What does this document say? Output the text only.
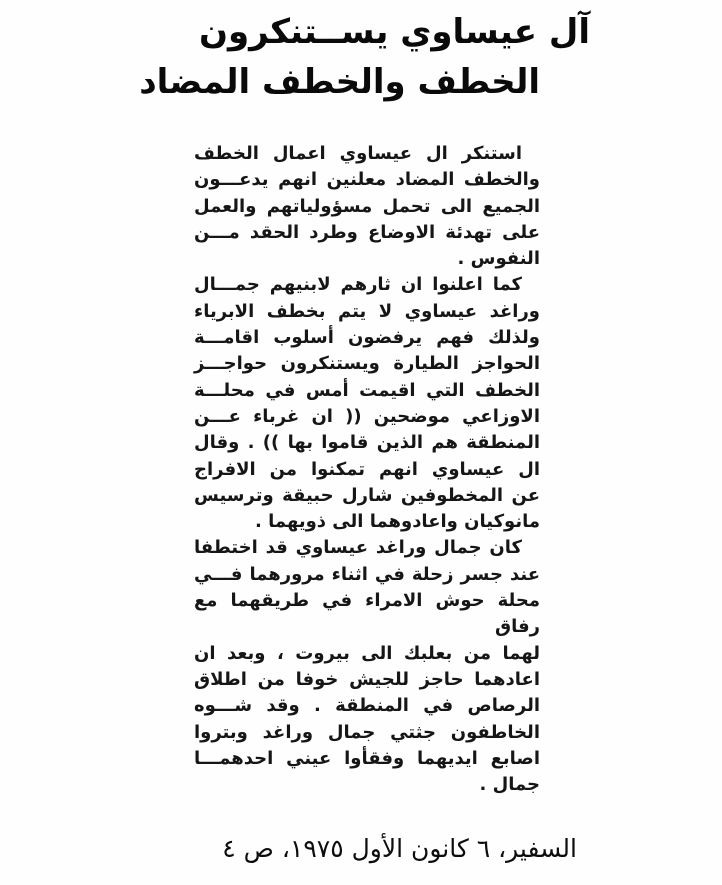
آل عيساوي يســتنكرون
الخطف والخطف المضاد
استنكر ال عيساوي اعمال الخطف
والخطف المضاد معلنين انهم يدعـــون
الجميع الى تحمل مسؤولياتهم والعمل
على تهدئة الاوضاع وطرد الحقد مـــن
النفوس .
كما اعلنوا ان ثارهم لابنيهم جمـــال
وراغد عيساوي لا يتم بخطف الابرياء
ولذلك فهم يرفضون أسلوب اقامـــة
الحواجز الطيارة ويستنكرون حواجـــز
الخطف التي اقيمت أمس في محلـــة
الاوزاعي موضحين (( ان غرباء عـــن
المنطقة هم الذين قاموا بها )) . وقال
ال عيساوي انهم تمكنوا من الافراج
عن المخطوفين شارل حبيقة وترسيس
مانوكيان واعادوهما الى ذويهما .
كان جمال وراغد عيساوي قد اختطفا
عند جسر زحلة في اثناء مرورهما فـــي
محلة حوش الامراء في طريقهما مع رفاق
لهما من بعلبك الى بيروت ، وبعد ان
اعادهما حاجز للجيش خوفا من اطلاق
الرصاص في المنطقة . وقد شـــوه
الخاطفون جثتي جمال وراغد وبتروا
اصابع ايديهما وفقأوا عيني احدهمـــا
جمال .
السفير، ٦ كانون الأول ١٩٧٥، ص ٤
